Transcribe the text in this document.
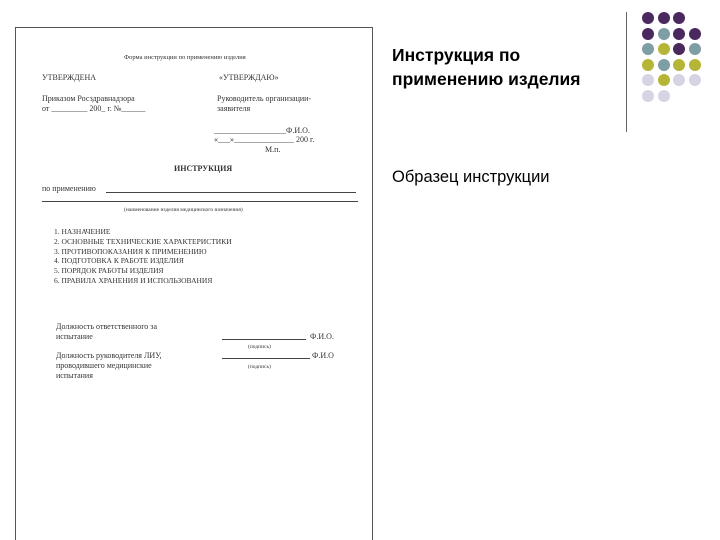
Форма инструкции по применению изделия
УТВЕРЖДЕНА	«УТВЕРЖДАЮ»
Приказом Росздравнадзора
от _________ 200_ г. №______
Руководитель организации-
заявителя
__________________Ф.И.О.
«___»_______________ 200 г.
М.п.
ИНСТРУКЦИЯ
по применению
(наименование изделия медицинского назначения)
1. НАЗНАЧЕНИЕ
2. ОСНОВНЫЕ ТЕХНИЧЕСКИЕ ХАРАКТЕРИСТИКИ
3. ПРОТИВОПОКАЗАНИЯ К ПРИМЕНЕНИЮ
4. ПОДГОТОВКА К РАБОТЕ ИЗДЕЛИЯ
5. ПОРЯДОК РАБОТЫ ИЗДЕЛИЯ
6. ПРАВИЛА ХРАНЕНИЯ И ИСПОЛЬЗОВАНИЯ
Должность ответственного за
испытание	Ф.И.О.
(подпись)
Должность руководителя ЛИУ,
проводившего медицинские
испытания
Ф.И.О
(подпись)
Инструкция по применению изделия
Образец инструкции
